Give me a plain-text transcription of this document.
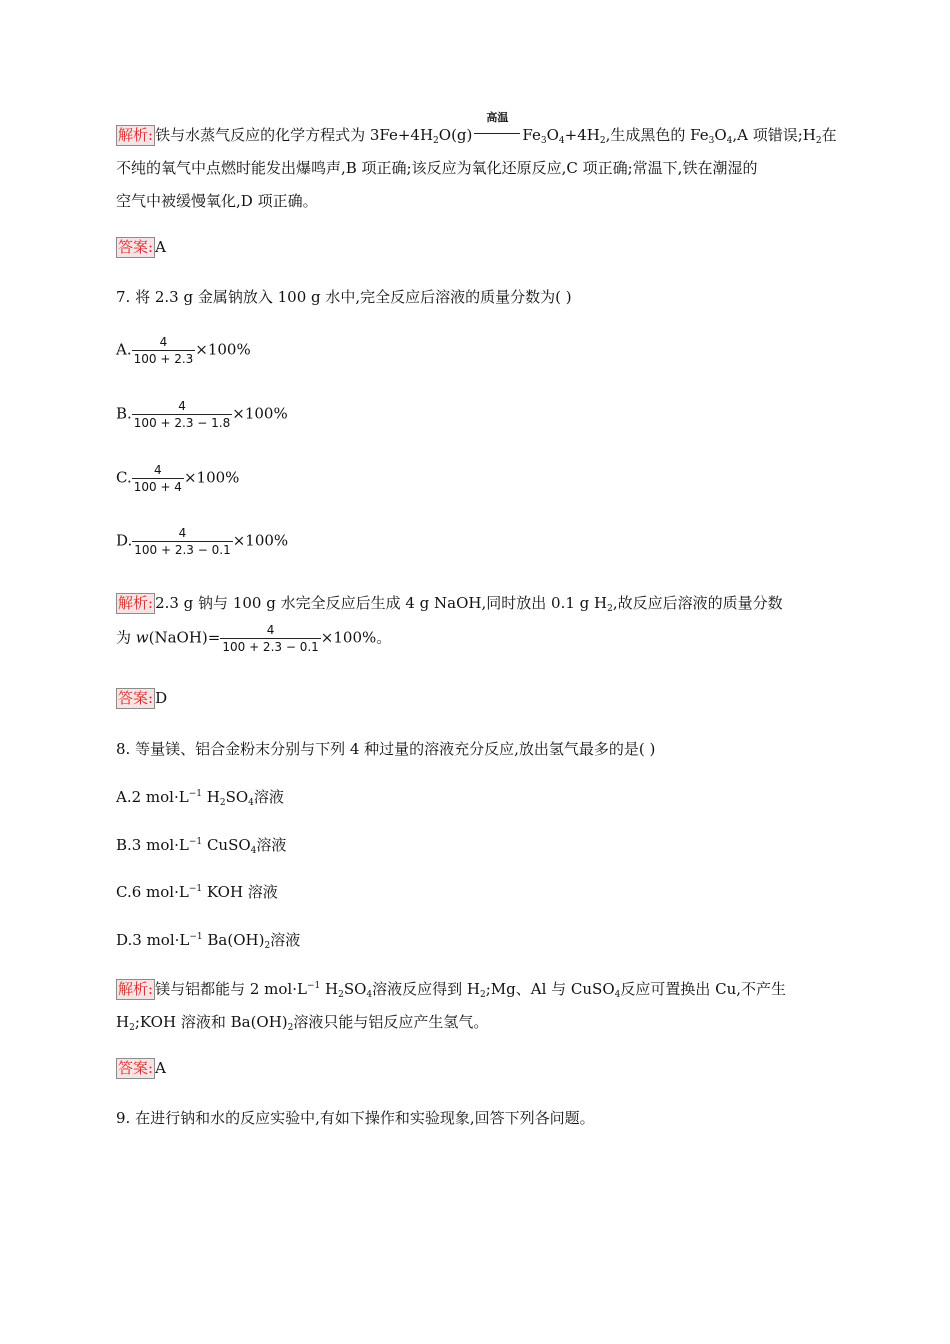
解析: 铁与水蒸气反应的化学方程式为 $3Fe+4H_2O(g)$
高温
$Fe_3O_4+4H_2$,生成黑色的 $Fe_3O_4,A$ 项错误$;H_2$在
不纯的氧气中点燃时能发出爆鸣声,B 项正确;该反应为氧化还原反应,C 项正确;常温下,铁在潮湿的
空气中被缓慢氧化,D 项正确。
答案: A
7. 将 2.3 g 金属钠放入 100 g 水中,完全反应后溶液的质量分数为( )
A. $\frac{4}{100 + 2.3} \times 100\%$
B. $\frac{4}{100 + 2.3 - 1.8} \times 100\%$
C. $\frac{4}{100 + 4} \times 100\%$
D. $\frac{4}{100 + 2.3 - 0.1} \times 100\%$
解析: 2.3 g 钠与 100 g 水完全反应后生成 4 g NaOH,同时放出 0.1 g $H_2$,故反应后溶液的质量分数
为 w(NaOH)= $\frac{4}{100 + 2.3 - 0.1} \times 100\%$。
答案: D
8. 等量镁、铝合金粉末分别与下列 4 种过量的溶液充分反应,放出氢气最多的是( )
A.2 $mol\cdot L^{-1}$ $H_2SO_4$溶液
B.3 $mol\cdot L^{-1}$ CuSO$_4$溶液
C.6 $mol\cdot L^{-1}$ KOH 溶液
D.3 $mol\cdot L^{-1}$ $Ba(OH)_2$溶液
解析: 镁与铝都能与 2 $mol\cdot L^{-1}$ $H_2SO_4$溶液反应得到 $H_2;Mg$、Al 与 CuSO$_4$反应可置换出 Cu,不产生
$H_2;KOH$ 溶液和 $Ba(OH)_2$溶液只能与铝反应产生氢气。
答案: A
9. 在进行钠和水的反应实验中,有如下操作和实验现象,回答下列各问题。
